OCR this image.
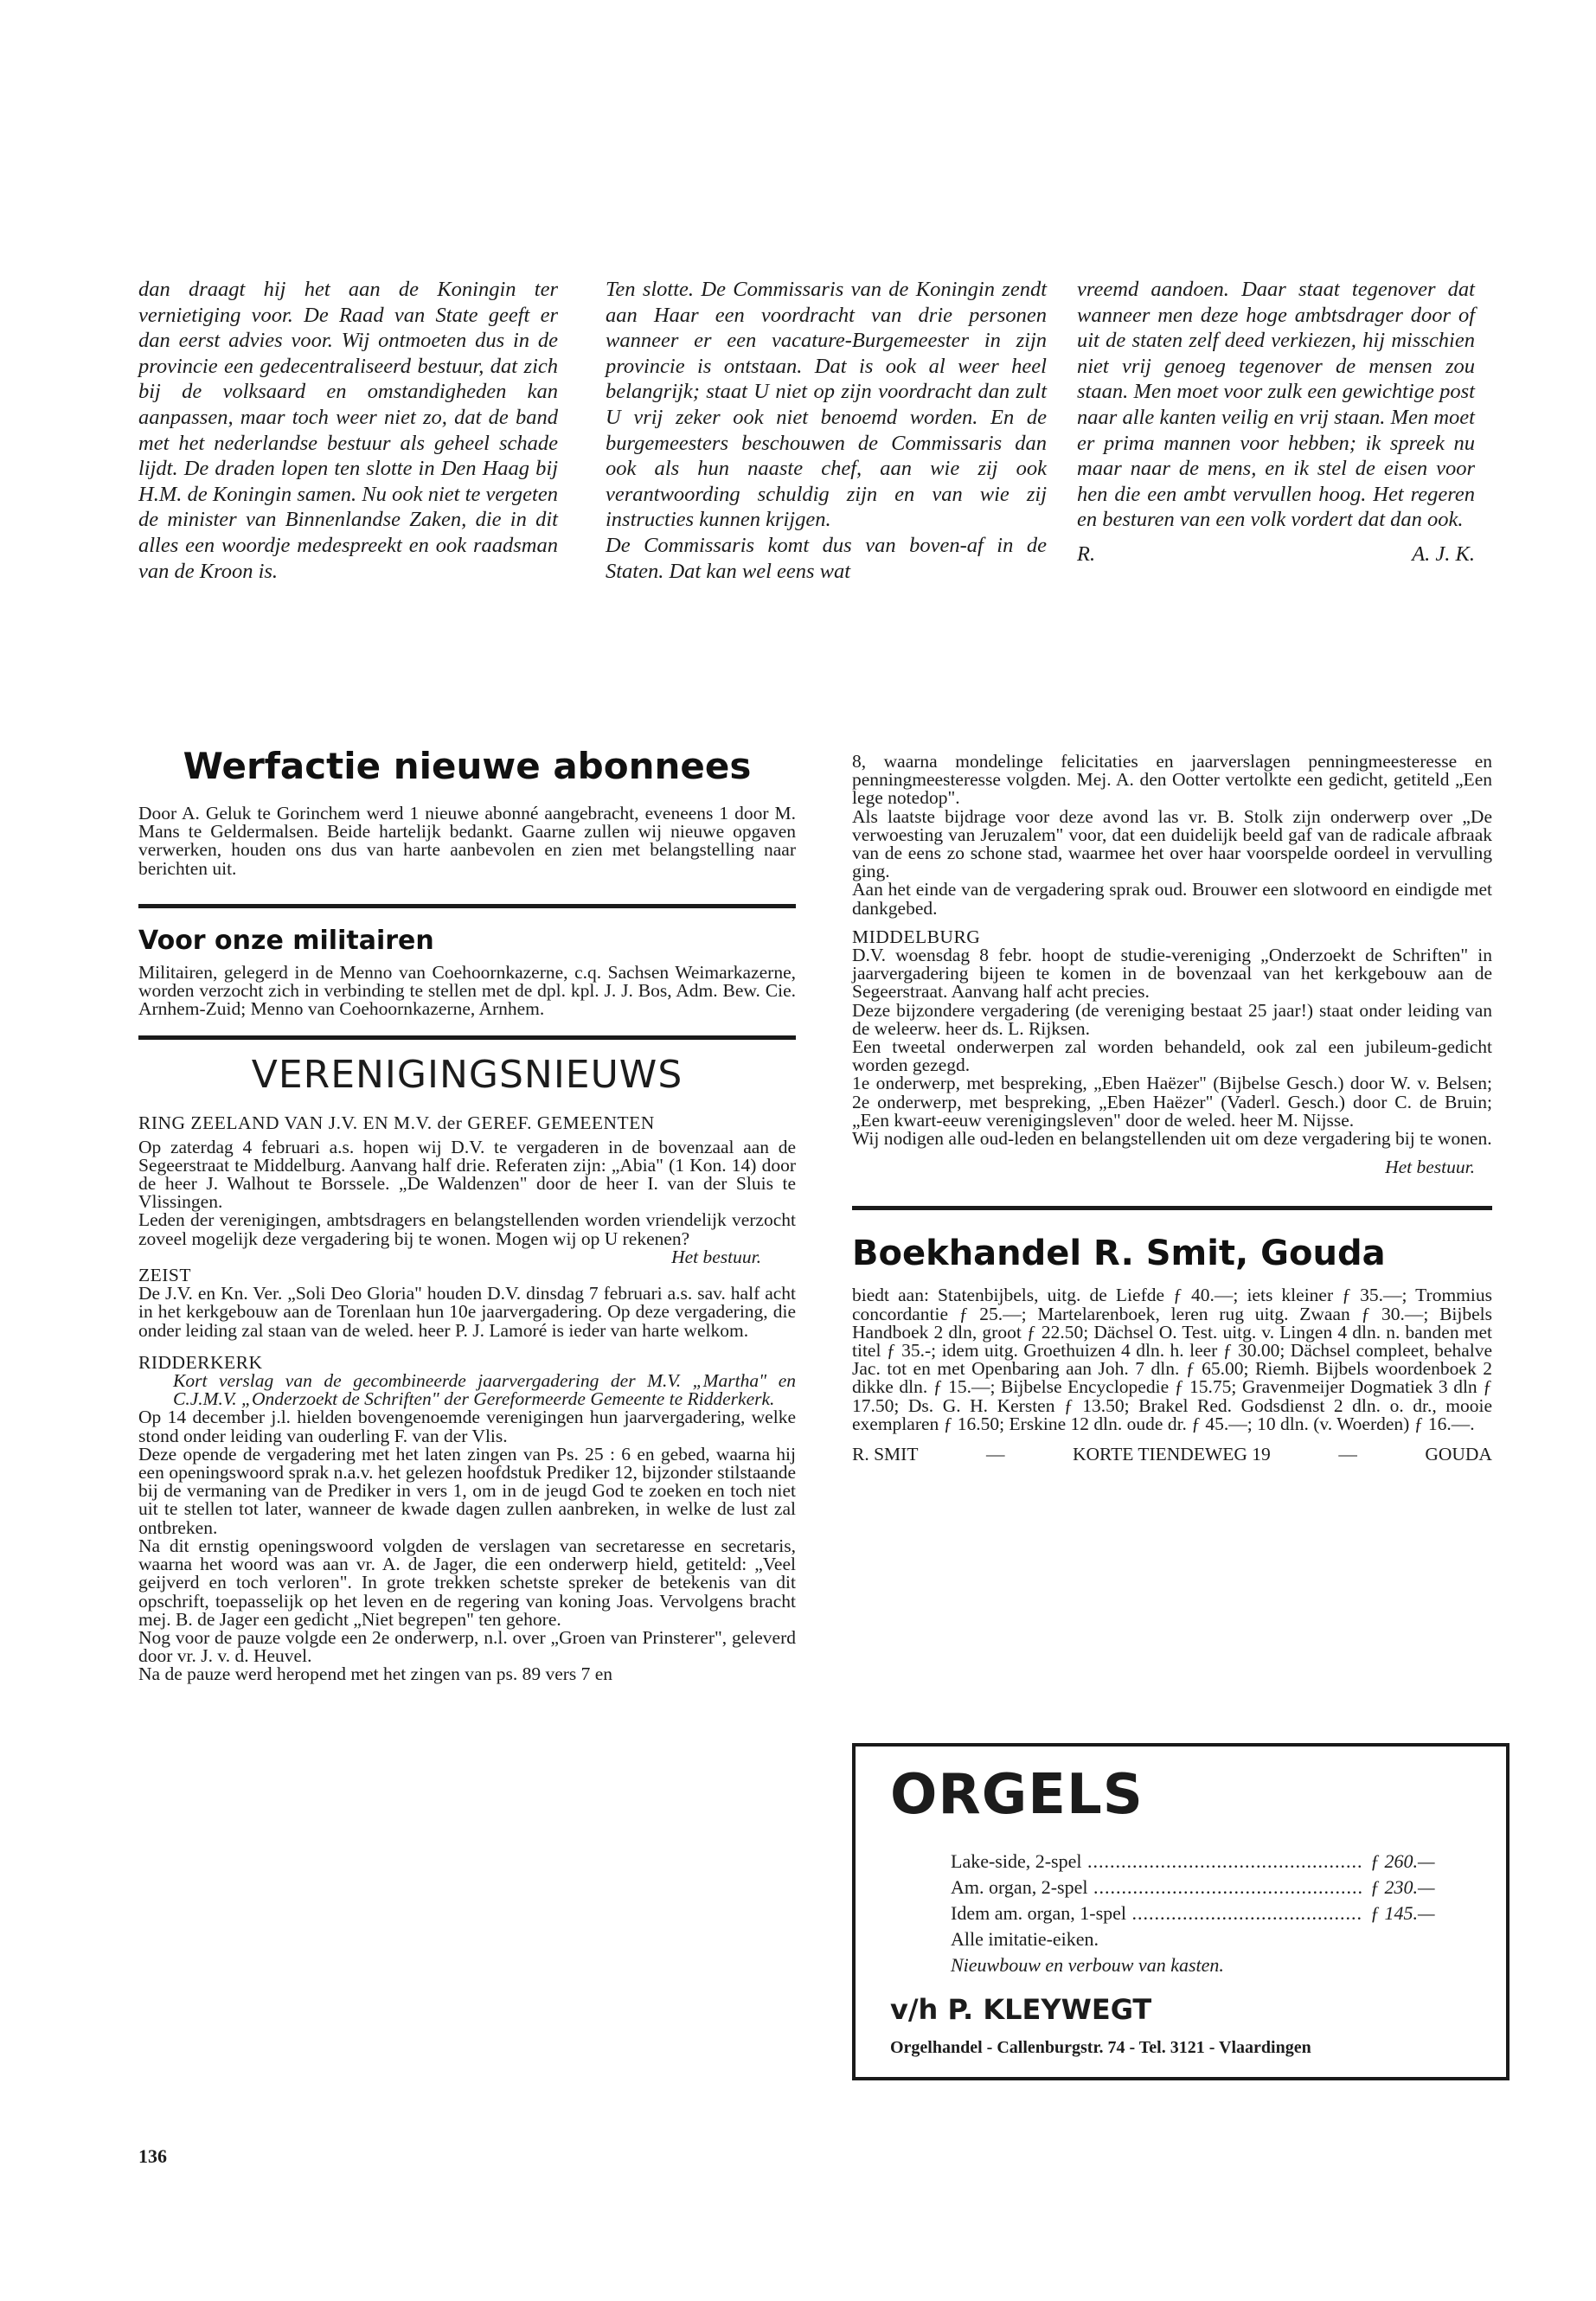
dan draagt hij het aan de Koningin ter vernietiging voor. De Raad van State geeft er dan eerst advies voor. Wij ontmoeten dus in de provincie een gedecentraliseerd bestuur, dat zich bij de volksaard en omstandigheden kan aanpassen, maar toch weer niet zo, dat de band met het nederlandse bestuur als geheel schade lijdt. De draden lopen ten slotte in Den Haag bij H.M. de Koningin samen. Nu ook niet te vergeten de minister van Binnenlandse Zaken, die in dit alles een woordje medespreekt en ook raadsman van de Kroon is.

Ten slotte. De Commissaris van de Koningin zendt aan Haar een voordracht van drie personen wanneer er een vacature-Burgemeester in zijn provincie is ontstaan. Dat is ook al weer heel belangrijk; staat U niet op zijn voordracht dan zult U vrij zeker ook niet benoemd worden. En de burgemeesters beschouwen de Commissaris dan ook als hun naaste chef, aan wie zij ook verantwoording schuldig zijn en van wie zij instructies kunnen krijgen.

De Commissaris komt dus van boven-af in de Staten. Dat kan wel eens wat

vreemd aandoen. Daar staat tegenover dat wanneer men deze hoge ambtsdrager door of uit de staten zelf deed verkiezen, hij misschien niet vrij genoeg tegenover de mensen zou staan. Men moet voor zulk een gewichtige post naar alle kanten veilig en vrij staan. Men moet er prima mannen voor hebben; ik spreek nu maar naar de mens, en ik stel de eisen voor hen die een ambt vervullen hoog. Het regeren en besturen van een volk vordert dat dan ook.

R.	A. J. K.
Werfactie nieuwe abonnees
Door A. Geluk te Gorinchem werd 1 nieuwe abonné aangebracht, eveneens 1 door M. Mans te Geldermalsen. Beide hartelijk bedankt. Gaarne zullen wij nieuwe opgaven verwerken, houden ons dus van harte aanbevolen en zien met belangstelling naar berichten uit.
Voor onze militairen
Militairen, gelegerd in de Menno van Coehoornkazerne, c.q. Sachsen Weimarkazerne, worden verzocht zich in verbinding te stellen met de dpl. kpl. J. J. Bos, Adm. Bew. Cie. Arnhem-Zuid; Menno van Coehoornkazerne, Arnhem.
VERENIGINGSNIEUWS

RING ZEELAND VAN J.V. EN M.V. der GEREF. GEMEENTEN

Op zaterdag 4 februari a.s. hopen wij D.V. te vergaderen in de bovenzaal aan de Segeerstraat te Middelburg. Aanvang half drie. Referaten zijn: „Abia" (1 Kon. 14) door de heer J. Walhout te Borssele. „De Waldenzen" door de heer I. van der Sluis te Vlissingen.

Leden der verenigingen, ambtsdragers en belangstellenden worden vriendelijk verzocht zoveel mogelijk deze vergadering bij te wonen. Mogen wij op U rekenen?

Het bestuur.

ZEIST

De J.V. en Kn. Ver. „Soli Deo Gloria" houden D.V. dinsdag 7 februari a.s. sav. half acht in het kerkgebouw aan de Torenlaan hun 10e jaarvergadering. Op deze vergadering, die onder leiding zal staan van de weled. heer P. J. Lamoré is ieder van harte welkom.

RIDDERKERK

Kort verslag van de gecombineerde jaarvergadering der M.V. „Martha" en C.J.M.V. „Onderzoekt de Schriften" der Gereformeerde Gemeente te Ridderkerk.

Op 14 december j.l. hielden bovengenoemde verenigingen hun jaarvergadering, welke stond onder leiding van ouderling F. van der Vlis.

Deze opende de vergadering met het laten zingen van Ps. 25 : 6 en gebed, waarna hij een openingswoord sprak n.a.v. het gelezen hoofdstuk Prediker 12, bijzonder stilstaande bij de vermaning van de Prediker in vers 1, om in de jeugd God te zoeken en toch niet uit te stellen tot later, wanneer de kwade dagen zullen aanbreken, in welke de lust zal ontbreken.

Na dit ernstig openingswoord volgden de verslagen van secretaresse en secretaris, waarna het woord was aan vr. A. de Jager, die een onderwerp hield, getiteld: „Veel geijverd en toch verloren". In grote trekken schetste spreker de betekenis van dit opschrift, toepasselijk op het leven en de regering van koning Joas. Vervolgens bracht mej. B. de Jager een gedicht „Niet begrepen" ten gehore.

Nog voor de pauze volgde een 2e onderwerp, n.l. over „Groen van Prinsterer", geleverd door vr. J. v. d. Heuvel.

Na de pauze werd heropend met het zingen van ps. 89 vers 7 en

8, waarna mondelinge felicitaties en jaarverslagen penningmeesteresse en penningmeesteresse volgden. Mej. A. den Ootter vertolkte een gedicht, getiteld „Een lege notedop".

Als laatste bijdrage voor deze avond las vr. B. Stolk zijn onderwerp over „De verwoesting van Jeruzalem" voor, dat een duidelijk beeld gaf van de radicale afbraak van de eens zo schone stad, waarmee het over haar voorspelde oordeel in vervulling ging.

Aan het einde van de vergadering sprak oud. Brouwer een slotwoord en eindigde met dankgebed.

MIDDELBURG

D.V. woensdag 8 febr. hoopt de studie-vereniging „Onderzoekt de Schriften" in jaarvergadering bijeen te komen in de bovenzaal van het kerkgebouw aan de Segeerstraat. Aanvang half acht precies.

Deze bijzondere vergadering (de vereniging bestaat 25 jaar!) staat onder leiding van de weleerw. heer ds. L. Rijksen.

Een tweetal onderwerpen zal worden behandeld, ook zal een jubileum-gedicht worden gezegd.

1e onderwerp, met bespreking, „Eben Haëzer" (Bijbelse Gesch.) door W. v. Belsen; 2e onderwerp, met bespreking, „Eben Haëzer" (Vaderl. Gesch.) door C. de Bruin; „Een kwart-eeuw verenigingsleven" door de weled. heer M. Nijsse.

Wij nodigen alle oud-leden en belangstellenden uit om deze vergadering bij te wonen.

Het bestuur.

Boekhandel R. Smit, Gouda
biedt aan: Statenbijbels, uitg. de Liefde ƒ 40.—; iets kleiner ƒ 35.—; Trommius concordantie ƒ 25.—; Martelarenboek, leren rug uitg. Zwaan ƒ 30.—; Bijbels Handboek 2 dln, groot ƒ 22.50; Dächsel O. Test. uitg. v. Lingen 4 dln. n. banden met titel ƒ 35.-; idem uitg. Groethuizen 4 dln. h. leer ƒ 30.00; Dächsel compleet, behalve Jac. tot en met Openbaring aan Joh. 7 dln. ƒ 65.00; Riemh. Bijbels woordenboek 2 dikke dln. ƒ 15.—; Bijbelse Encyclopedie ƒ 15.75; Gravenmeijer Dogmatiek 3 dln ƒ 17.50; Ds. G. H. Kersten ƒ 13.50; Brakel Red. Godsdienst 2 dln. o. dr., mooie exemplaren ƒ 16.50; Erskine 12 dln. oude dr. ƒ 45.—; 10 dln. (v. Woerden) ƒ 16.—.
R. SMIT	—	KORTE TIENDEWEG 19	—	GOUDA
ORGELS
Lake-side, 2-spel .....	ƒ 260.—
Am. organ, 2-spel .....	ƒ 230.—
Idem am. organ, 1-spel .....	ƒ 145.—
Alle imitatie-eiken.
Nieuwbouw en verbouw van kasten.
v/h P. KLEYWEGT
Orgelhandel - Callenburgstr. 74 - Tel. 3121 - Vlaardingen
136
